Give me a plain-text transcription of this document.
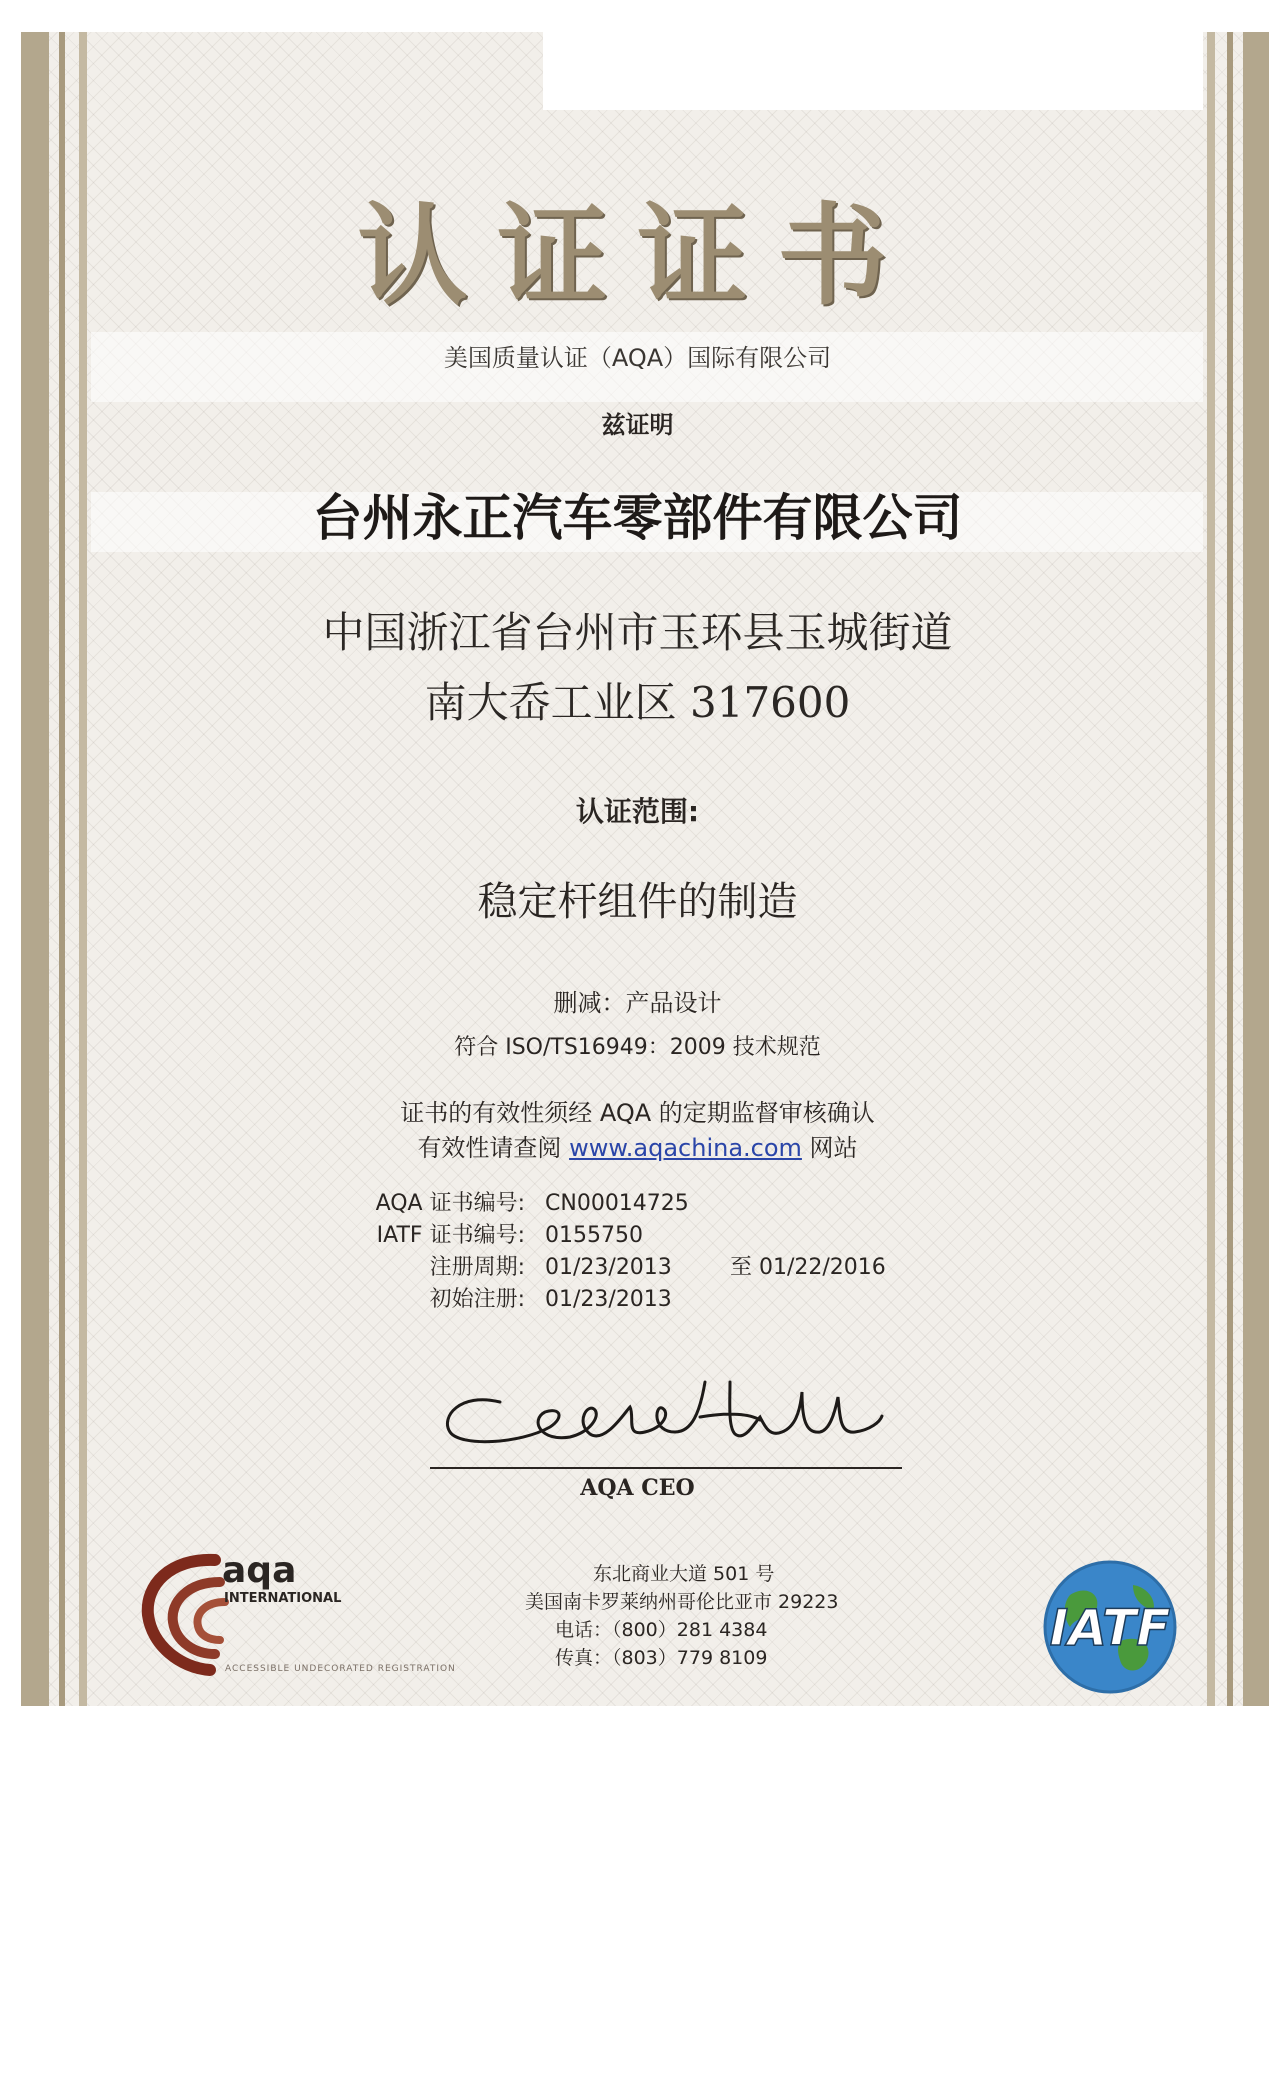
认证证书
美国质量认证（AQA）国际有限公司
兹证明
台州永正汽车零部件有限公司
中国浙江省台州市玉环县玉城街道
南大岙工业区 317600
认证范围:
稳定杆组件的制造
删减：产品设计
符合 ISO/TS16949：2009 技术规范
证书的有效性须经 AQA 的定期监督审核确认
有效性请查阅 www.aqachina.com 网站
AQA 证书编号: CN00014725
IATF 证书编号: 0155750
注册周期: 01/23/2013	至 01/22/2016
初始注册: 01/23/2013
AQA CEO
aqa
INTERNATIONAL
ACCESSIBLE UNDECORATED REGISTRATION
东北商业大道 501 号
美国南卡罗莱纳州哥伦比亚市 29223
电话：（800）281 4384
传真：（803）779 8109
IATF
